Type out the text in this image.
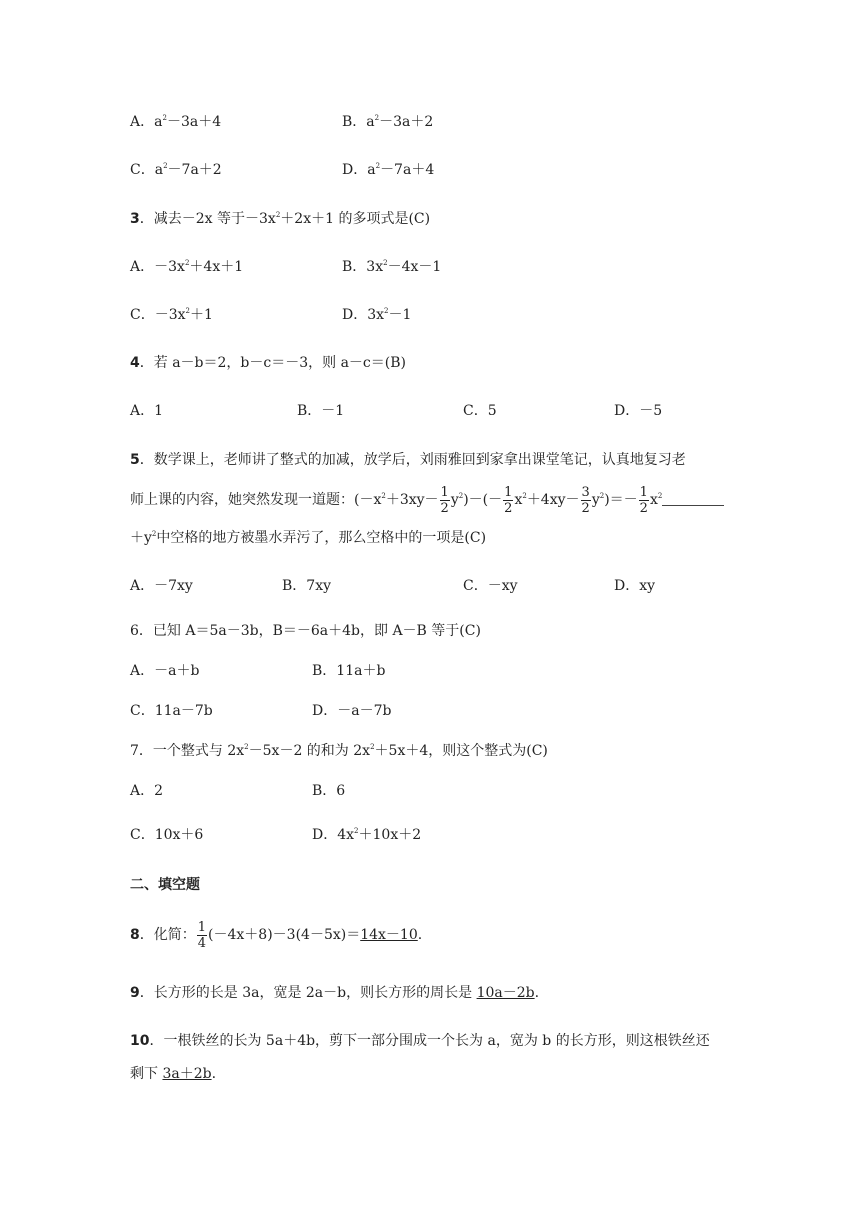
A．$a^2-3a+4$	B．$a^2-3a+2$
C．$a^2-7a+2$	D．$a^2-7a+4$
3．减去－2x 等于$-3x^2+2x+1$ 的多项式是(C)
A．$-3x^2+4x+1$	B．$3x^2-4x-1$
C．$-3x^2+1$	D．$3x^2-1$
4．若 a－b＝2，b－c＝－3，则 a－c＝(B)
A．1	B．－1	C．5	D．－5
5．数学课上，老师讲了整式的加减，放学后，刘雨雅回到家拿出课堂笔记，认真地复习老
师上课的内容，她突然发现一道题：$(-x^2+3xy- \frac{1}{2} y^2)-(- \frac{1}{2} x^2+4xy- \frac{3}{2} y^2)=- \frac{1}{2} x^2$
$+y^2$中空格的地方被墨水弄污了，那么空格中的一项是(C)
A．－7xy	B．7xy	C．－xy	D．xy
6．已知 A＝5a－3b，B＝－6a＋4b，即 A－B 等于(C)
A．－a＋b	B．11a＋b
C．11a－7b	D．－a－7b
7．一个整式与 $2x^2-5x-2$ 的和为 $2x^2+5x+4$，则这个整式为(C)
A．2	B．6
C．10x＋6	D．$4x^2+10x+2$
二、填空题
8．化简： $\frac{1}{4} (-4x+8)-3(4-5x)=14x-10$.
9．长方形的长是 3a，宽是 2a－b，则长方形的周长是 10a－2b.
10．一根铁丝的长为 5a＋4b，剪下一部分围成一个长为 a，宽为 b 的长方形，则这根铁丝还
剩下 3a＋2b.
